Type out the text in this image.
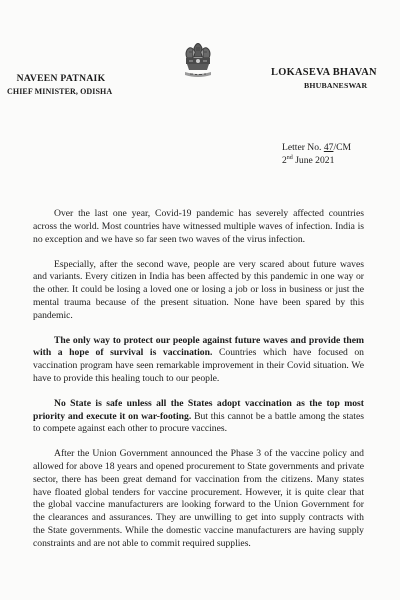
NAVEEN PATNAIK
CHIEF MINISTER, ODISHA
LOKASEVA BHAVAN
BHUBANESWAR
Letter No. 47/CM
2nd June 2021

Over the last one year, Covid-19 pandemic has severely affected countries across the world. Most countries have witnessed multiple waves of infection. India is no exception and we have so far seen two waves of the virus infection.

Especially, after the second wave, people are very scared about future waves and variants. Every citizen in India has been affected by this pandemic in one way or the other. It could be losing a loved one or losing a job or loss in business or just the mental trauma because of the present situation. None have been spared by this pandemic.

The only way to protect our people against future waves and provide them with a hope of survival is vaccination. Countries which have focused on vaccination program have seen remarkable improvement in their Covid situation. We have to provide this healing touch to our people.

No State is safe unless all the States adopt vaccination as the top most priority and execute it on war-footing. But this cannot be a battle among the states to compete against each other to procure vaccines.

After the Union Government announced the Phase 3 of the vaccine policy and allowed for above 18 years and opened procurement to State governments and private sector, there has been great demand for vaccination from the citizens. Many states have floated global tenders for vaccine procurement. However, it is quite clear that the global vaccine manufacturers are looking forward to the Union Government for the clearances and assurances. They are unwilling to get into supply contracts with the State governments. While the domestic vaccine manufacturers are having supply constraints and are not able to commit required supplies.
